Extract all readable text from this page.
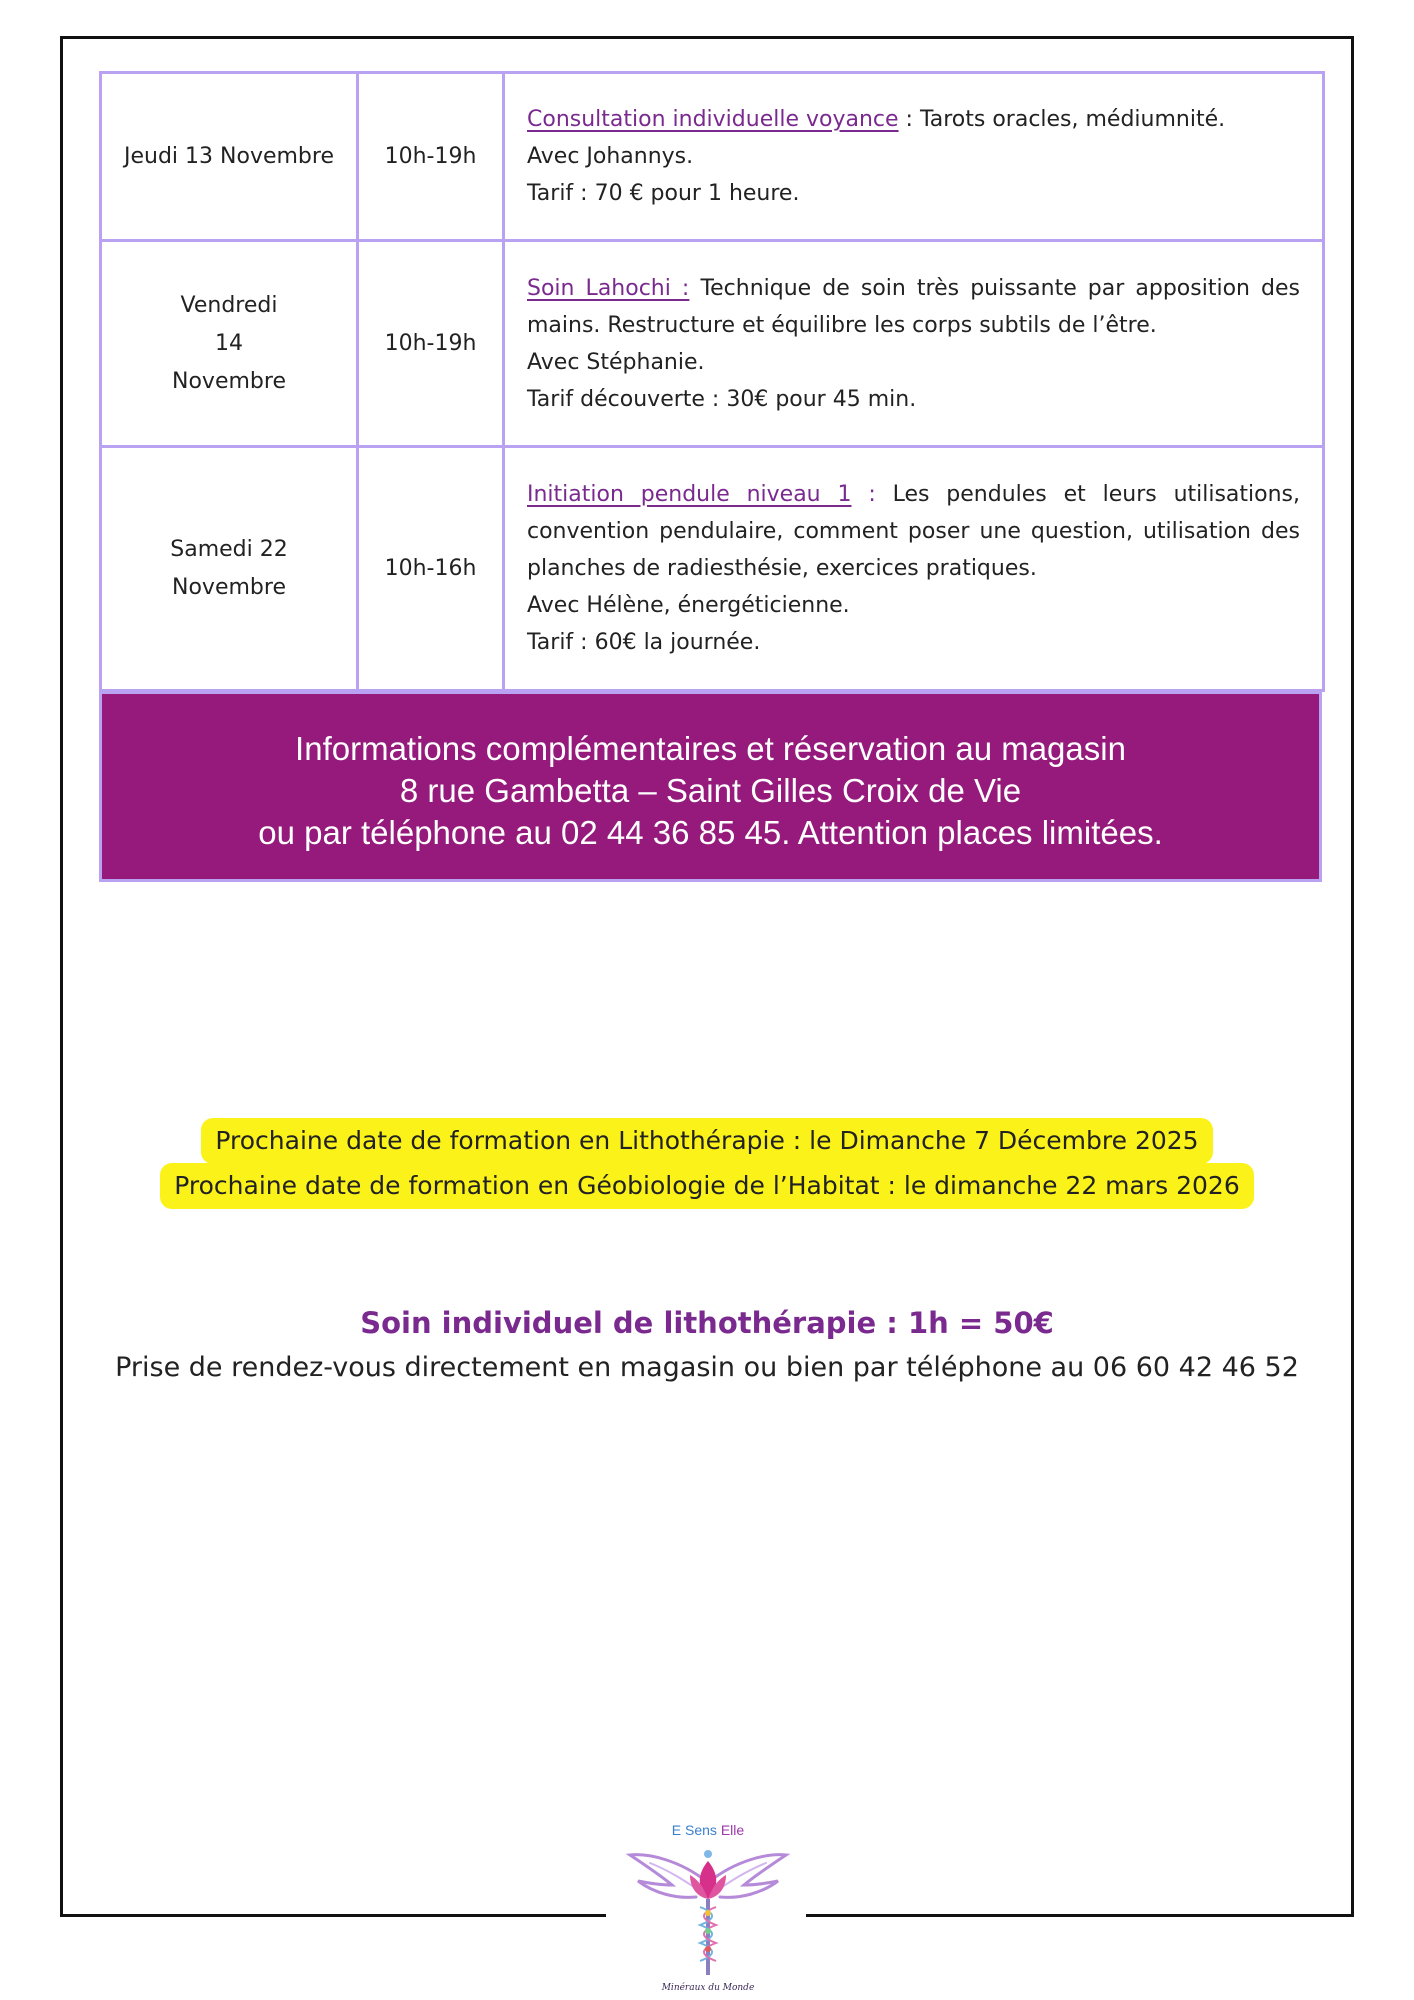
Jeudi 13 Novembre	10h-19h	Consultation individuelle voyance : Tarots oracles, médiumnité.
Avec Johannys.
Tarif : 70 € pour 1 heure.

Vendredi 14 Novembre	10h-19h	Soin Lahochi : Technique de soin très puissante par apposition des mains. Restructure et équilibre les corps subtils de l’être.
Avec Stéphanie.
Tarif découverte : 30€ pour 45 min.

Samedi 22 Novembre	10h-16h	Initiation pendule niveau 1 : Les pendules et leurs utilisations, convention pendulaire, comment poser une question, utilisation des planches de radiesthésie, exercices pratiques.
Avec Hélène, énergéticienne.
Tarif : 60€ la journée.
Informations complémentaires et réservation au magasin
8 rue Gambetta – Saint Gilles Croix de Vie
ou par téléphone au 02 44 36 85 45. Attention places limitées.
Prochaine date de formation en Lithothérapie : le Dimanche 7 Décembre 2025
Prochaine date de formation en Géobiologie de l’Habitat : le dimanche 22 mars 2026
Soin individuel de lithothérapie : 1h = 50€
Prise de rendez-vous directement en magasin ou bien par téléphone au 06 60 42 46 52
E Sens Elle
Minéraux du Monde
